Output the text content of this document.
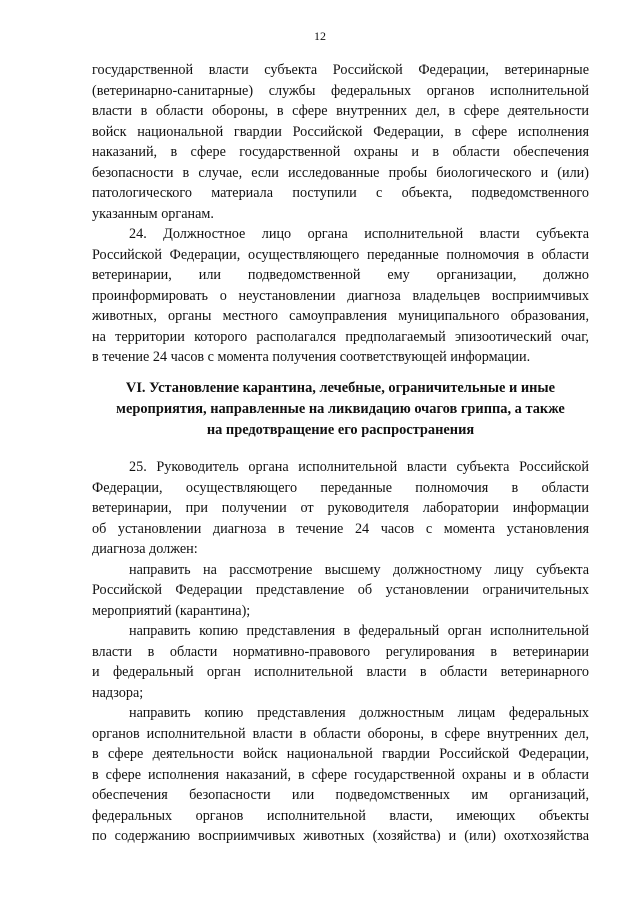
12
государственной власти субъекта Российской Федерации, ветеринарные
(ветеринарно-санитарные) службы федеральных органов исполнительной
власти в области обороны, в сфере внутренних дел, в сфере деятельности
войск национальной гвардии Российской Федерации, в сфере исполнения
наказаний, в сфере государственной охраны и в области обеспечения
безопасности в случае, если исследованные пробы биологического и (или)
патологического материала поступили с объекта, подведомственного
указанным органам.
24. Должностное лицо органа исполнительной власти субъекта
Российской Федерации, осуществляющего переданные полномочия в области
ветеринарии, или подведомственной ему организации, должно
проинформировать о неустановлении диагноза владельцев восприимчивых
животных, органы местного самоуправления муниципального образования,
на территории которого располагался предполагаемый эпизоотический очаг,
в течение 24 часов с момента получения соответствующей информации.
VI. Установление карантина, лечебные, ограничительные и иные
мероприятия, направленные на ликвидацию очагов гриппа, а также
на предотвращение его распространения
25. Руководитель органа исполнительной власти субъекта Российской
Федерации, осуществляющего переданные полномочия в области
ветеринарии, при получении от руководителя лаборатории информации
об установлении диагноза в течение 24 часов с момента установления
диагноза должен:
направить на рассмотрение высшему должностному лицу субъекта
Российской Федерации представление об установлении ограничительных
мероприятий (карантина);
направить копию представления в федеральный орган исполнительной
власти в области нормативно-правового регулирования в ветеринарии
и федеральный орган исполнительной власти в области ветеринарного
надзора;
направить копию представления должностным лицам федеральных
органов исполнительной власти в области обороны, в сфере внутренних дел,
в сфере деятельности войск национальной гвардии Российской Федерации,
в сфере исполнения наказаний, в сфере государственной охраны и в области
обеспечения безопасности или подведомственных им организаций,
федеральных органов исполнительной власти, имеющих объекты
по содержанию восприимчивых животных (хозяйства) и (или) охотхозяйства
